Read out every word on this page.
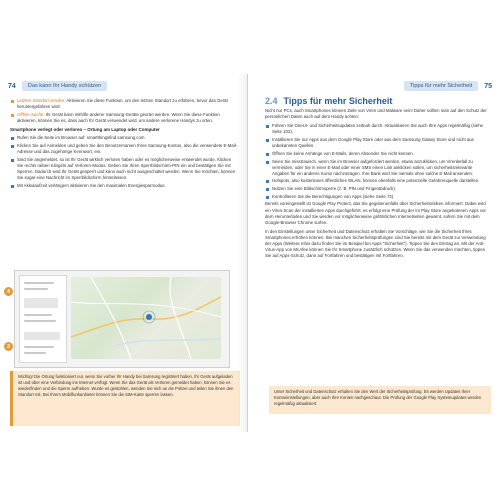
74	Das kann Ihr Handy schützen
Letzten Standort senden: Aktivieren Sie diese Funktion, um den letzten Standort zu erfahren, bevor das Gerät heruntergefahren wird.
Offline-Suche: Ihr Gerät kann mithilfe anderer Samsung-Geräte geortet werden. Wenn Sie diese Funktion aktivieren, können Sie es, dass auch Ihr Gerät verwendet wird, um andere verlorene Handys zu orten.
Smartphone verlegt oder verloren – Ortung am Laptop oder Computer
Rufen Sie die Seite im Browser auf: smartthingsfind.samsung.com
Klicken Sie auf Anmelden und geben Sie den Benutzernamen Ihres Samsung-Kontos, also die verwendete E-Mail-Adresse und das zugehörige Kennwort, ein.
Sind Sie angemeldet, so ist Ihr Gerät wirklich verloren haben oder es möglicherweise entwendet wurde. Klicken Sie rechts neben Klingeln auf Verloren-Modus. Geben Sie Ihren Sperrbildschirm-PIN ein und bestätigen Sie mit Sperren. Dadurch wird Ihr Gerät gesperrt und kann auch nicht ausgeschaltet werden. Wenn Sie möchten, können Sie sogar eine Nachricht im Sperrbildschirm hinterlassen.
Mit Akkulaufzeit verlängern aktivieren Sie den maximalen Energiesparmodus.
4
3
Wichtig! Die Ortung funktioniert nur, wenn Sie vorher Ihr Handy bei Samsung registriert haben, Ihr Gerät aufgeladen ist und über eine Verbindung ins Internet verfügt. Wenn Sie das Gerät als Verloren gemeldet haben, können Sie es wiederfinden und die Sperre aufheben. Wurde es gestohlen, wenden Sie sich an die Polizei und teilen Sie ihnen den Standort mit. Bei Ihrem Mobilfunkanbieter können Sie die SIM-Karte sperren lassen.
Tipps für mehr Sicherheit	75
2.4 Tipps für mehr Sicherheit

Nicht nur PCs, auch Smartphones können Ziele von Viren und Malware sein! Daher sollten man auf den Schutz der persönlichen Daten auch auf dem Handy achten:

Führen Sie OneUI- und Sicherheitsupdates zeitnah durch. Aktualisieren Sie auch Ihre Apps regelmäßig (siehe Seite 102).
Installieren Sie nur Apps aus dem Google Play Store oder aus dem Samsung Galaxy Store und nicht aus unbekannten Quellen.
Öffnen Sie keine Anhänge von E-Mails, deren Absender Sie nicht kennen.
Seien Sie misstrauisch, wenn Sie im Browser aufgefordert werden, etwas anzuklicken, um Virenbefall zu vermeiden, oder Sie in einer E-Mail oder einer SMS einen Link anklicken sollen, um sicherheitsrelevante Angaben für ein anderes Konto nachzutragen. Ihre Bank wird Sie niemals ohne solche E-Mail ansenden.
Hotspots, also kostenloses öffentliches WLAN, können ebenfalls eine potenzielle Gefahrenquelle darstellen.
Nutzen Sie eine Bildschirmsperre (z. B. PIN und Fingerabdruck).
Kontrollieren Sie die Berechtigungen von Apps (siehe Seite 72).

Bereits voreingestellt ist Google Play Protect, das Sie gegebenenfalls über Sicherheitsrisiken informiert. Dabei wird ein Viren-Scan der installierten Apps durchgeführt, es erfolgt eine Prüfung der im Play Store angebotenen Apps vor dem Herunterladen und Sie werden vor möglicherweise gefährlichen Internetseiten gewarnt, sofern Sie mit dem Google-Browser Chrome surfen.

In den Einstellungen unter Sicherheit und Datenschutz erhalten Sie Vorschläge, wie Sie die Sicherheit Ihres Smartphones erhöhen können. Bei manchen Sicherheitsprüfungen sind Sie bereits mit dem Gerät zur Verwendung der Apps (Weitere Infos dazu finden Sie im Beispiel bei Apps "Sicherheit"). Tippen Sie den Eintrag an. Mit der Anti-Virus-App von McAfee können Sie Ihr Smartphone zusätzlich schützen. Wenn Sie das verwenden möchten, tippen Sie auf Apps-Schutz, dann auf Fortfahren und bestätigen mit Fortfahren.

Unter Sicherheit und Datenschutz erhalten Sie den Wert der Sicherheitsprüfung. Es werden Updates Ihrer Kontoeinstellungen, aber auch Ihre Konten nachgeschaut. Die Prüfung der Google Play Systemupdates werden regelmäßig aktualisiert.
